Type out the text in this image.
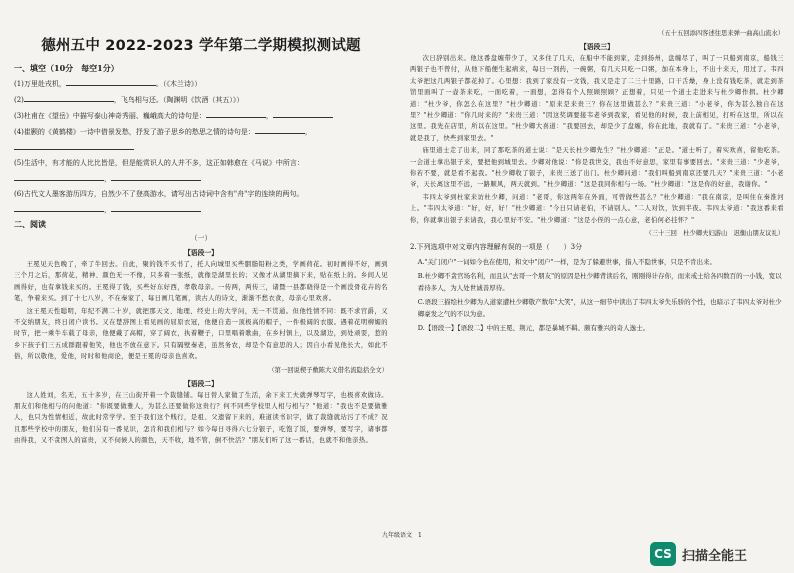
德州五中 2022-2023 学年第二学期模拟测试题
一、填空（10分　每空1分）
(1)万里赴戎机，	。（《木兰诗》）
(2)	，飞鸟相与还。（陶渊明《饮酒（其五）》）
(3)杜甫在《望岳》中描写泰山神奇秀丽、巍峨高大的诗句是：	，
(4)崔颢的《黄鹤楼》一诗中借景发愁，抒发了游子思乡的愁思之情的诗句是：	，
(5)生活中，有才能的人比比皆是，但是能赏识人的人并不多，这正如韩愈在《马说》中所言：
，
(6)古代文人墨客游历四方，自然少不了登高游水，请写出古诗词中含有"舟"字的连续的两句。
，
二、阅读
（一）
【语段一】

王冕见天色晚了，牵了牛回去。自此，聚的钱不买书了，托人向城里买些胭脂铅粉之类，学画荷花。初时画得不好，画到三个月之后，那荷花，精神、颜色无一不像，只多着一张纸，就像是湖里长的；又像才从湖里摘下来，贴在纸上的。乡间人见画得好，也有拿钱来买的。王冕得了钱，买些好东好西，孝敬母亲。一传两，两传三，诸暨一县都晓得是一个画没骨花卉的名笔，争着来买。到了十七八岁，不在秦家了，每日画几笔画，读古人的诗文，渐渐不愁衣食，母亲心里欢喜。

这王冕天性聪明，年纪不满二十岁，就把那天文、地理、经史上的大学问，无一不贯通。但他性情不同：既不求官爵，又不交纳朋友，终日闭户读书。又在楚辞图上看见画的屈原衣冠，他便自造一顶极高的帽子，一件极阔的衣服。遇着花明柳媚的时节，把一乘牛车载了母亲，他便戴了高帽，穿了阔衣，执着鞭子，口里唱着歌曲，在乡村镇上，以及湖边，到处顽耍，惹的乡下孩子们三五成群跟着他笑，他也不放在意下。只有隔壁秦老，虽然务农，却是个有意思的人；因自小看见他长大，如此不俗，所以敬他，爱他，时时和他商论，便是王冕的母亲也喜欢。

（第一回说楔子敷陈大义借名流隐括全文）
【语段二】

这人姓刘，名无，五十多岁，在三山街开着一个裁缝铺。每日替人家做了生活，余下来工夫就弹琴写字，也极喜欢做诗。朋友们和他相与的问他道："你既要做雅人，为甚么还要做你这贵行？何不同些学校里人相与相与？"他道："我也不是要做雅人，也只为性情相近，故此时常学学。至于我们这个贱行，是祖、父遗留下来的，难道读书识字，做了裁缝就玷污了不成？况且那些学校中的朋友，他们另有一番见识，怎肯和我们相与？如今每日寻得六七分银子，吃饱了饭，要弹琴，要写字，诸事都由得我，又不贪图人的富贵，又不伺候人的颜色，天不收，地不管，倒不快活？"朋友们听了这一番话，也就不和他亲热。

（五十五回添四客述往思来弹一曲高山流水）
【语段三】

次日辞别出来。他这番盘缠带少了，又多住了几天，在船中不能到家，走到扬州，盘缠尽了，叫了一只船到南京，船钱三两银子也不曾付，从他下船便生起病来，每日一剂药，一碗粥，有几天只吃一口粥，加在本身上，不出十来天，用过了。韦四太爷把这几两银子都花掉了。心里想：我到了家没有一文钱，我又是走了二三十里路，口干舌燥，身上没有钱吃茶，就走到茶馆里面叫了一壶茶来吃，一面吃着，一面想，怎得有个人照顾照顾？正想着，只见一个道士走进来与杜少卿作揖。杜少卿道："杜少爷，你怎么在这里？"杜少卿道："原来是来贵三？你在这里做甚么？"来贵三道："小老爷，你为甚么独自在这里？"杜少卿道："你几时来的？"来贵三道："因这奖调要接韦老爷到我家，看见他的时候，我上前相见，打听在这里，所以在这里。我先在店里，所以在这里。"杜少卿大喜道："我要回去，却是少了盘缠，你在此地，我就有了。"来贵三道："小老爷，就是我了，快些到家里去。"

庙里道士走了出来，同了那吃茶的道士说："是天长杜少卿先生？"杜少卿道："正是。"道士听了，着实欢喜，留他吃茶。一会道士拿出银子来，要把他到城里去。少卿对他说："你是我世交，我也不好意思，家里有事要回去。"来贵三道："少老爷，你若不要，就是看不起我。"杜少卿收了银子，来贵三送了出门。杜少卿问道："我们叫船到南京还要几天？"来贵三道："小老爷，天长离这里不远，一路顺风，两天就到。"杜少卿道："这是我同你相与一场。"杜少卿道："这是你的好意，我谢你。"

韦四太爷到杜家来访杜少卿，问道："老哥，你这两年在外面，可曾做些甚么？"杜少卿道："我在南京，是叫住在秦淮河上。"韦四太爷道："好，好，好！"杜少卿道："今日只请老伯，不请别人。"二人对饮，饮到半夜。韦四太爷道："我这番来看你，你就拿出银子来请我，我心里好不安。"杜少卿道："这是小侄的一点心意，老伯何必挂怀？"

（三十三回　杜少卿夫妇游山　迟衡山朋友议礼）
2.下列选项中对文章内容理解有误的一项是（　　）3分

A."关门闭户"一词如今也在使用，和文中"闭户"一样，是为了躲避世事，指人不隐世事，只是不肯出来。

B.杜少卿不贪官场名利，而且认"去哥一个朋友"的原因是杜少卿背读后名，刚刚得计存你，而来戒士给各四数百的一小钱，宽以看待多人，为人处世诚善厚待。

C.语段三描绘杜少卿为人道家遭杜少卿敬产数年"大笑"，从这一细节中读出了韦四太爷失乐骄的个性，也暗示了韦四太爷对杜少卿豪发之气的不以为意。

D.【语段一】【语段二】中的王冕、荆元，都是暴城不羁、颇有雅兴的奇人逸士。

九年级语文　1
CS 扫描全能王
